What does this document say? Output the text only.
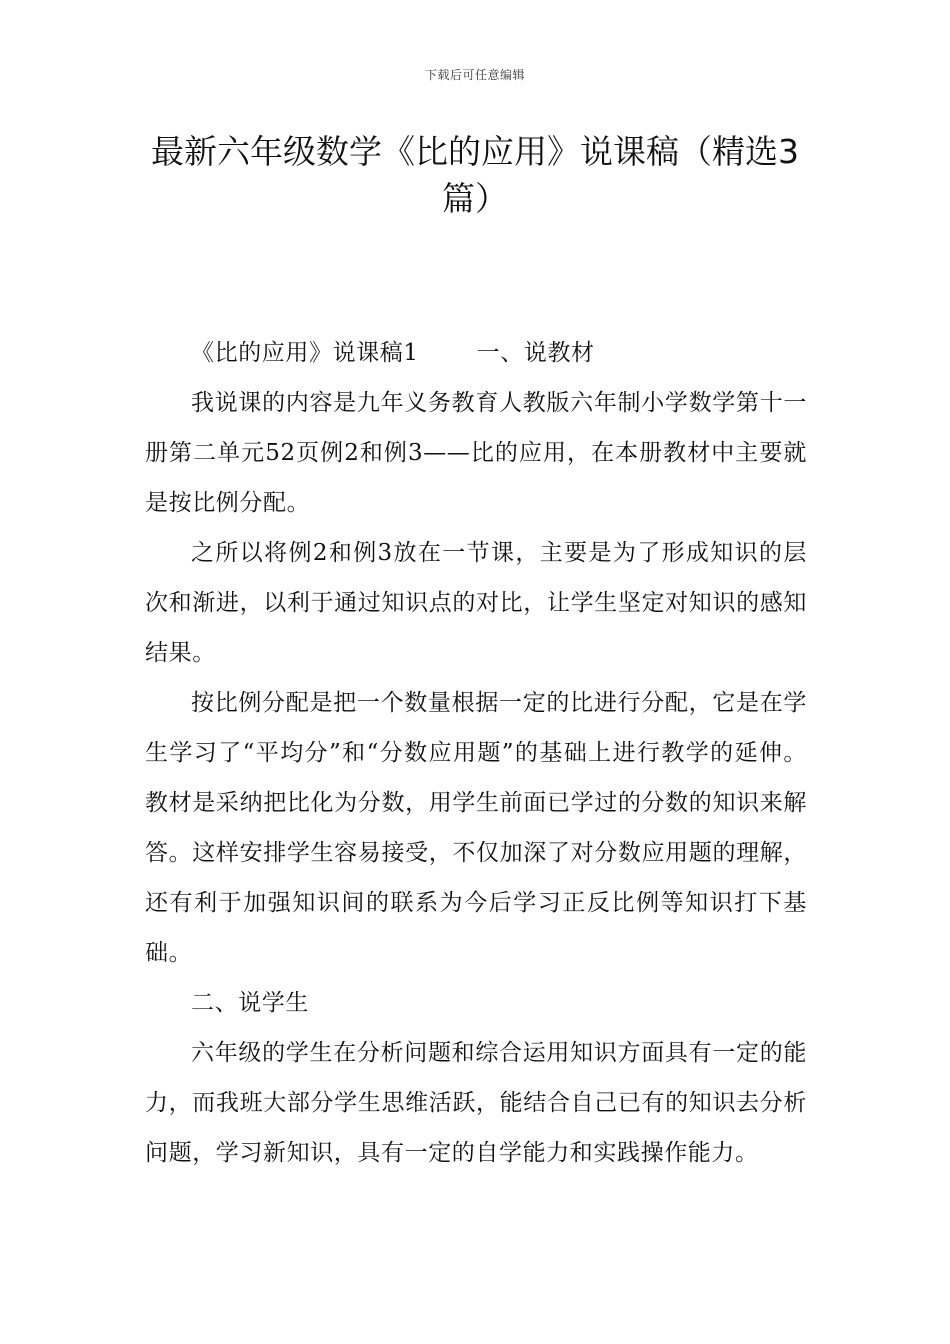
下载后可任意编辑
最新六年级数学《比的应用》说课稿（精选3篇）

《比的应用》说课稿1	一、说教材

我说课的内容是九年义务教育人教版六年制小学数学第十一册第二单元52页例2和例3——比的应用，在本册教材中主要就是按比例分配。

之所以将例2和例3放在一节课，主要是为了形成知识的层次和渐进，以利于通过知识点的对比，让学生坚定对知识的感知结果。

按比例分配是把一个数量根据一定的比进行分配，它是在学生学习了“平均分”和“分数应用题”的基础上进行教学的延伸。教材是采纳把比化为分数，用学生前面已学过的分数的知识来解答。这样安排学生容易接受，不仅加深了对分数应用题的理解，还有利于加强知识间的联系为今后学习正反比例等知识打下基础。

二、说学生

六年级的学生在分析问题和综合运用知识方面具有一定的能力，而我班大部分学生思维活跃，能结合自己已有的知识去分析问题，学习新知识，具有一定的自学能力和实践操作能力。
